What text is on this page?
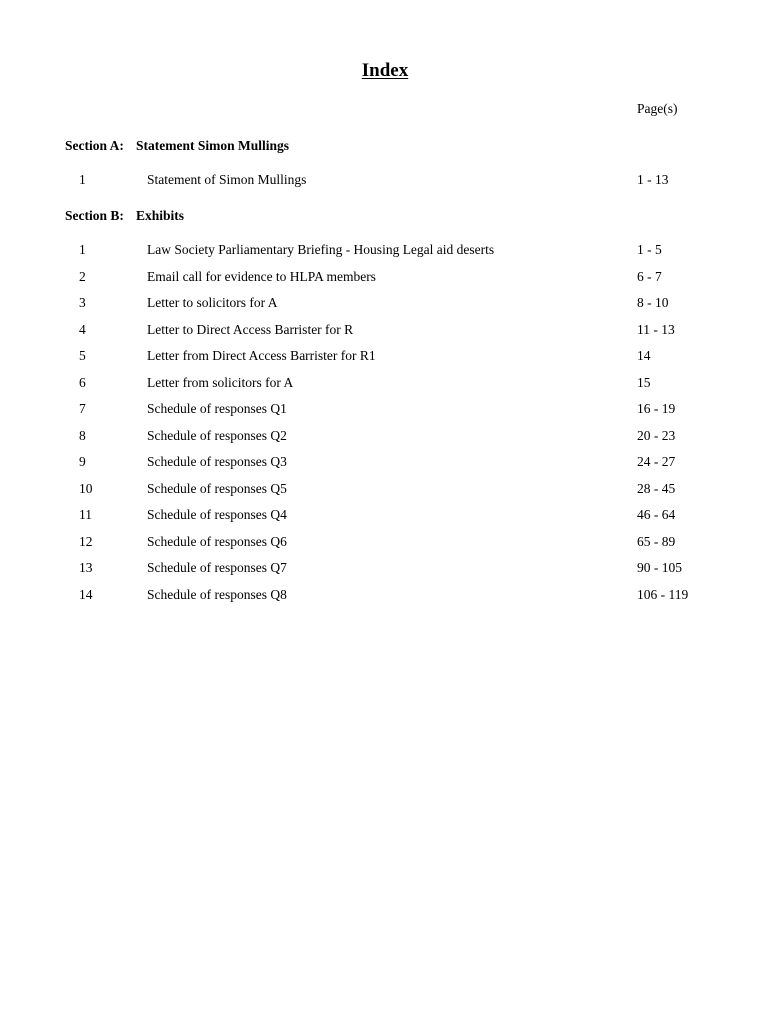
Index
Page(s)
Section A: Statement Simon Mullings
1	Statement of Simon Mullings	1 - 13
Section B: Exhibits
1	Law Society Parliamentary Briefing - Housing Legal aid deserts	1 - 5
2	Email call for evidence to HLPA members	6 - 7
3	Letter to solicitors for A	8 - 10
4	Letter to Direct Access Barrister for R	11 - 13
5	Letter from Direct Access Barrister for R1	14
6	Letter from solicitors for A	15
7	Schedule of responses Q1	16 - 19
8	Schedule of responses Q2	20 - 23
9	Schedule of responses Q3	24 - 27
10	Schedule of responses Q5	28 - 45
11	Schedule of responses Q4	46 - 64
12	Schedule of responses Q6	65 - 89
13	Schedule of responses Q7	90 - 105
14	Schedule of responses Q8	106 - 119
